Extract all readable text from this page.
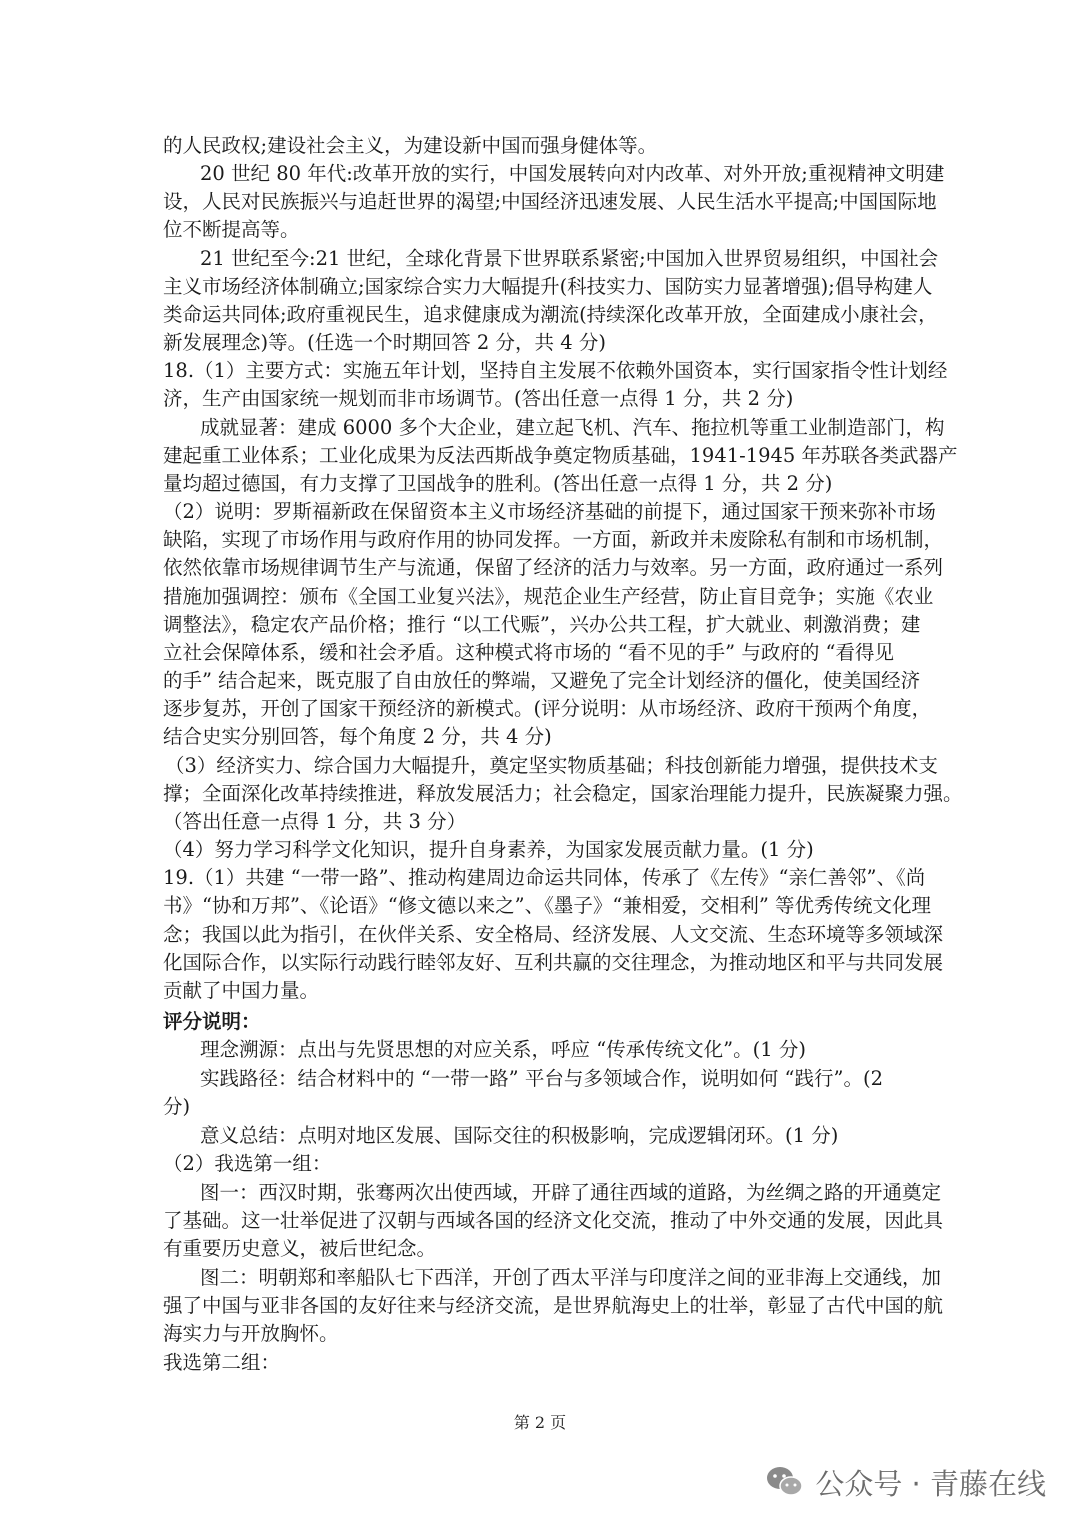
的人民政权;建设社会主义，为建设新中国而强身健体等。
20 世纪 80 年代:改革开放的实行，中国发展转向对内改革、对外开放;重视精神文明建
设，人民对民族振兴与追赶世界的渴望;中国经济迅速发展、人民生活水平提高;中国国际地
位不断提高等。
21 世纪至今:21 世纪，全球化背景下世界联系紧密;中国加入世界贸易组织，中国社会
主义市场经济体制确立;国家综合实力大幅提升(科技实力、国防实力显著增强);倡导构建人
类命运共同体;政府重视民生，追求健康成为潮流(持续深化改革开放，全面建成小康社会，
新发展理念)等。(任选一个时期回答 2 分，共 4 分)
18.（1）主要方式：实施五年计划，坚持自主发展不依赖外国资本，实行国家指令性计划经
济，生产由国家统一规划而非市场调节。(答出任意一点得 1 分，共 2 分)
成就显著：建成 6000 多个大企业，建立起飞机、汽车、拖拉机等重工业制造部门，构
建起重工业体系；工业化成果为反法西斯战争奠定物质基础，1941-1945 年苏联各类武器产
量均超过德国，有力支撑了卫国战争的胜利。(答出任意一点得 1 分，共 2 分)
（2）说明：罗斯福新政在保留资本主义市场经济基础的前提下，通过国家干预来弥补市场
缺陷，实现了市场作用与政府作用的协同发挥。一方面，新政并未废除私有制和市场机制，
依然依靠市场规律调节生产与流通，保留了经济的活力与效率。另一方面，政府通过一系列
措施加强调控：颁布《全国工业复兴法》，规范企业生产经营，防止盲目竞争；实施《农业
调整法》，稳定农产品价格；推行 “以工代赈”，兴办公共工程，扩大就业、刺激消费；建
立社会保障体系，缓和社会矛盾。这种模式将市场的 “看不见的手” 与政府的 “看得见
的手” 结合起来，既克服了自由放任的弊端，又避免了完全计划经济的僵化，使美国经济
逐步复苏，开创了国家干预经济的新模式。(评分说明：从市场经济、政府干预两个角度，
结合史实分别回答，每个角度 2 分，共 4 分)
（3）经济实力、综合国力大幅提升，奠定坚实物质基础；科技创新能力增强，提供技术支
撑；全面深化改革持续推进，释放发展活力；社会稳定，国家治理能力提升，民族凝聚力强。
（答出任意一点得 1 分，共 3 分）
（4）努力学习科学文化知识，提升自身素养，为国家发展贡献力量。(1 分)
19.（1）共建 “一带一路”、推动构建周边命运共同体，传承了《左传》“亲仁善邻”、《尚
书》“协和万邦”、《论语》“修文德以来之”、《墨子》“兼相爱，交相利” 等优秀传统文化理
念；我国以此为指引，在伙伴关系、安全格局、经济发展、人文交流、生态环境等多领域深
化国际合作，以实际行动践行睦邻友好、互利共赢的交往理念，为推动地区和平与共同发展
贡献了中国力量。
评分说明：
理念溯源：点出与先贤思想的对应关系，呼应 “传承传统文化”。(1 分)
实践路径：结合材料中的 “一带一路” 平台与多领域合作，说明如何 “践行”。(2
分)
意义总结：点明对地区发展、国际交往的积极影响，完成逻辑闭环。(1 分)
（2）我选第一组：
图一：西汉时期，张骞两次出使西域，开辟了通往西域的道路，为丝绸之路的开通奠定
了基础。这一壮举促进了汉朝与西域各国的经济文化交流，推动了中外交通的发展，因此具
有重要历史意义，被后世纪念。
图二：明朝郑和率船队七下西洋，开创了西太平洋与印度洋之间的亚非海上交通线，加
强了中国与亚非各国的友好往来与经济交流，是世界航海史上的壮举，彰显了古代中国的航
海实力与开放胸怀。
我选第二组：
第 2 页
公众号 · 青藤在线
